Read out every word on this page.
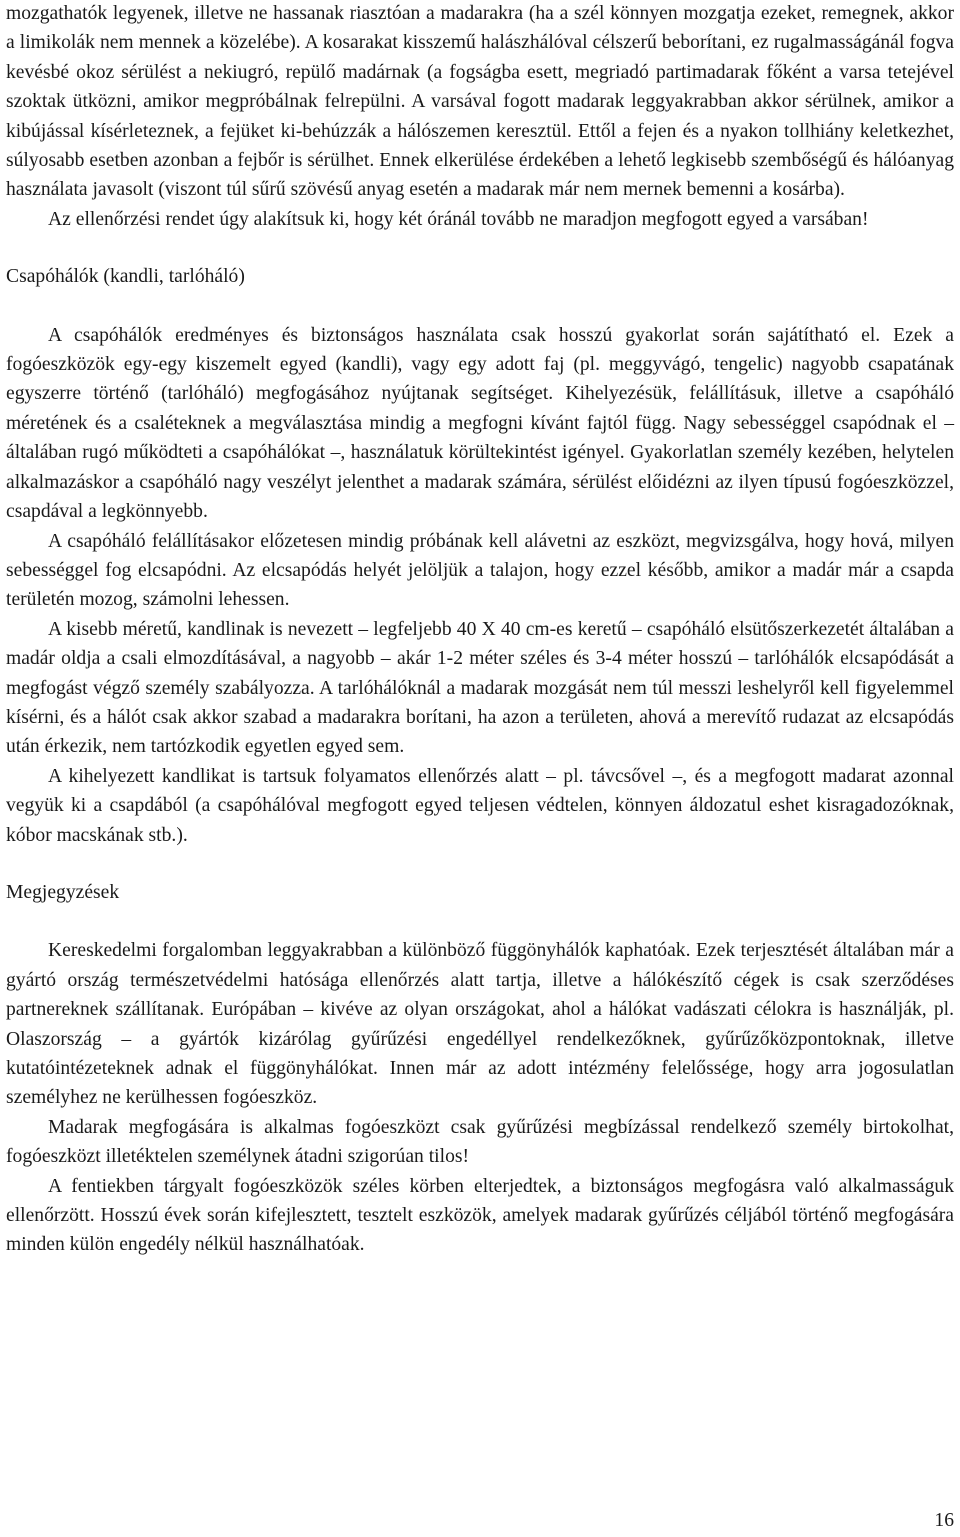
mozgathatók legyenek, illetve ne hassanak riasztóan a madarakra (ha a szél könnyen mozgatja ezeket, remegnek, akkor a limikolák nem mennek a közelébe). A kosarakat kisszemű halászhálóval célszerű beborítani, ez rugalmasságánál fogva kevésbé okoz sérülést a nekiugró, repülő madárnak (a fogságba esett, megriadó partimadarak főként a varsa tetejével szoktak ütközni, amikor megpróbálnak felrepülni. A varsával fogott madarak leggyakrabban akkor sérülnek, amikor a kibújással kísérleteznek, a fejüket ki-behúzzák a hálószemen keresztül. Ettől a fejen és a nyakon tollhiány keletkezhet, súlyosabb esetben azonban a fejbőr is sérülhet. Ennek elkerülése érdekében a lehető legkisebb szembőségű és hálóanyag használata javasolt (viszont túl sűrű szövésű anyag esetén a madarak már nem mernek bemenni a kosárba).

Az ellenőrzési rendet úgy alakítsuk ki, hogy két óránál tovább ne maradjon megfogott egyed a varsában!

Csapóhálók (kandli, tarlóháló)

A csapóhálók eredményes és biztonságos használata csak hosszú gyakorlat során sajátítható el. Ezek a fogóeszközök egy-egy kiszemelt egyed (kandli), vagy egy adott faj (pl. meggyvágó, tengelic) nagyobb csapatának egyszerre történő (tarlóháló) megfogásához nyújtanak segítséget. Kihelyezésük, felállításuk, illetve a csapóháló méretének és a csaléteknek a megválasztása mindig a megfogni kívánt fajtól függ. Nagy sebességgel csapódnak el – általában rugó működteti a csapóhálókat –, használatuk körültekintést igényel. Gyakorlatlan személy kezében, helytelen alkalmazáskor a csapóháló nagy veszélyt jelenthet a madarak számára, sérülést előidézni az ilyen típusú fogóeszközzel, csapdával a legkönnyebb.

A csapóháló felállításakor előzetesen mindig próbának kell alávetni az eszközt, megvizsgálva, hogy hová, milyen sebességgel fog elcsapódni. Az elcsapódás helyét jelöljük a talajon, hogy ezzel később, amikor a madár már a csapda területén mozog, számolni lehessen.

A kisebb méretű, kandlinak is nevezett – legfeljebb 40 X 40 cm-es keretű – csapóháló elsütőszerkezetét általában a madár oldja a csali elmozdításával, a nagyobb – akár 1-2 méter széles és 3-4 méter hosszú – tarlóhálók elcsapódását a megfogást végző személy szabályozza. A tarlóhálóknál a madarak mozgását nem túl messzi leshelyről kell figyelemmel kísérni, és a hálót csak akkor szabad a madarakra borítani, ha azon a területen, ahová a merevítő rudazat az elcsapódás után érkezik, nem tartózkodik egyetlen egyed sem.

A kihelyezett kandlikat is tartsuk folyamatos ellenőrzés alatt – pl. távcsővel –, és a megfogott madarat azonnal vegyük ki a csapdából (a csapóhálóval megfogott egyed teljesen védtelen, könnyen áldozatul eshet kisragadozóknak, kóbor macskának stb.).

Megjegyzések

Kereskedelmi forgalomban leggyakrabban a különböző függönyhálók kaphatóak. Ezek terjesztését általában már a gyártó ország természetvédelmi hatósága ellenőrzés alatt tartja, illetve a hálókészítő cégek is csak szerződéses partnereknek szállítanak. Európában – kivéve az olyan országokat, ahol a hálókat vadászati célokra is használják, pl. Olaszország – a gyártók kizárólag gyűrűzési engedéllyel rendelkezőknek, gyűrűzőközpontoknak, illetve kutatóintézeteknek adnak el függönyhálókat. Innen már az adott intézmény felelőssége, hogy arra jogosulatlan személyhez ne kerülhessen fogóeszköz.

Madarak megfogására is alkalmas fogóeszközt csak gyűrűzési megbízással rendelkező személy birtokolhat, fogóeszközt illetéktelen személynek átadni szigorúan tilos!

A fentiekben tárgyalt fogóeszközök széles körben elterjedtek, a biztonságos megfogásra való alkalmasságuk ellenőrzött. Hosszú évek során kifejlesztett, tesztelt eszközök, amelyek madarak gyűrűzés céljából történő megfogására minden külön engedély nélkül használhatóak.

16
